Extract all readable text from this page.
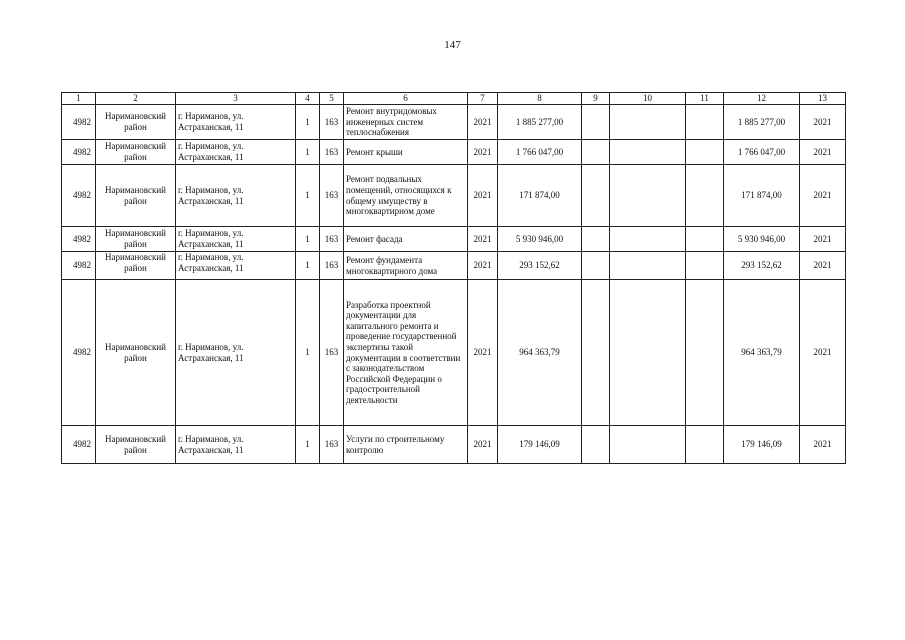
147
1	2	3	4	5	6	7	8	9	10	11	12	13
4982	Наримановский район	г. Нариманов, ул. Астраханская, 11	1	163	Ремонт внутридомовых инженерных систем теплоснабжения	2021	1 885 277,00				1 885 277,00	2021
4982	Наримановский район	г. Нариманов, ул. Астраханская, 11	1	163	Ремонт крыши	2021	1 766 047,00				1 766 047,00	2021
4982	Наримановский район	г. Нариманов, ул. Астраханская, 11	1	163	Ремонт подвальных помещений, относящихся к общему имуществу в многоквартирном доме	2021	171 874,00				171 874,00	2021
4982	Наримановский район	г. Нариманов, ул. Астраханская, 11	1	163	Ремонт фасада	2021	5 930 946,00				5 930 946,00	2021
4982	Наримановский район	г. Нариманов, ул. Астраханская, 11	1	163	Ремонт фундамента многоквартирного дома	2021	293 152,62				293 152,62	2021
4982	Наримановский район	г. Нариманов, ул. Астраханская, 11	1	163	Разработка проектной документации для капитального ремонта и проведение государственной экспертизы такой документации в соответствии с законодательством Российской Федерации о градостроительной деятельности	2021	964 363,79				964 363,79	2021
4982	Наримановский район	г. Нариманов, ул. Астраханская, 11	1	163	Услуги по строительному контролю	2021	179 146,09				179 146,09	2021
